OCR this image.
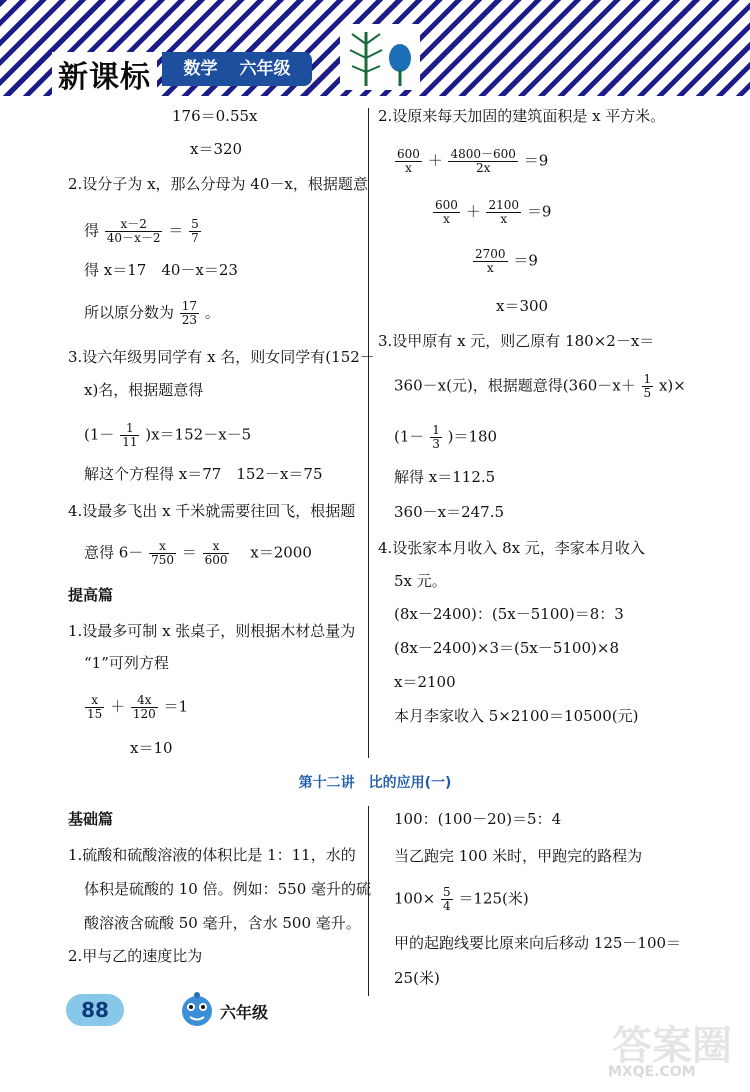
新课标	数学 六年级
176＝0.55x
x＝320
2.设分子为 x，那么分母为 40－x，根据题意
得 $\frac{x-2}{40-x-2} = \frac{5}{7}$
得 x＝17　40－x＝23
所以原分数为 $\frac{17}{23}$ 。
3.设六年级男同学有 x 名，则女同学有(152－
x)名，根据题意得
$(1- \frac{1}{11} )x=152-x-5$
解这个方程得 x＝77　152－x＝75
4.设最多飞出 x 千米就需要往回飞，根据题
意得 $6- \frac{x}{750} = \frac{x}{600}$ 　x＝2000
提高篇
1.设最多可制 x 张桌子，则根据木材总量为
“1”可列方程
$\frac{x}{15} + \frac{4x}{120} =1$
x＝10
2.设原来每天加固的建筑面积是 x 平方米。
$\frac{600}{x} + \frac{4800-600}{2x} =9$
$\frac{600}{x} + \frac{2100}{x} =9$
$\frac{2700}{x} =9$
x＝300
3.设甲原有 x 元，则乙原有 180×2－x＝
360－x(元)，根据题意得$(360-x+ \frac{1}{5} x)\times$
$(1- \frac{1}{3} )=180$
解得 x＝112.5
360－x＝247.5
4.设张家本月收入 8x 元，李家本月收入
5x 元。
(8x－2400)：(5x－5100)＝8：3
(8x－2400)×3＝(5x－5100)×8
x＝2100
本月李家收入 5×2100＝10500(元)
第十二讲　比的应用(一)
基础篇
1.硫酸和硫酸溶液的体积比是 1：11，水的
体积是硫酸的 10 倍。例如：550 毫升的硫
酸溶液含硫酸 50 毫升，含水 500 毫升。
2.甲与乙的速度比为
100：(100－20)＝5：4
当乙跑完 100 米时，甲跑完的路程为
$100\times \frac{5}{4} =125$(米)
甲的起跑线要比原来向后移动 125－100＝
25(米)
88	六年级
答案圈
MXQE.COM
